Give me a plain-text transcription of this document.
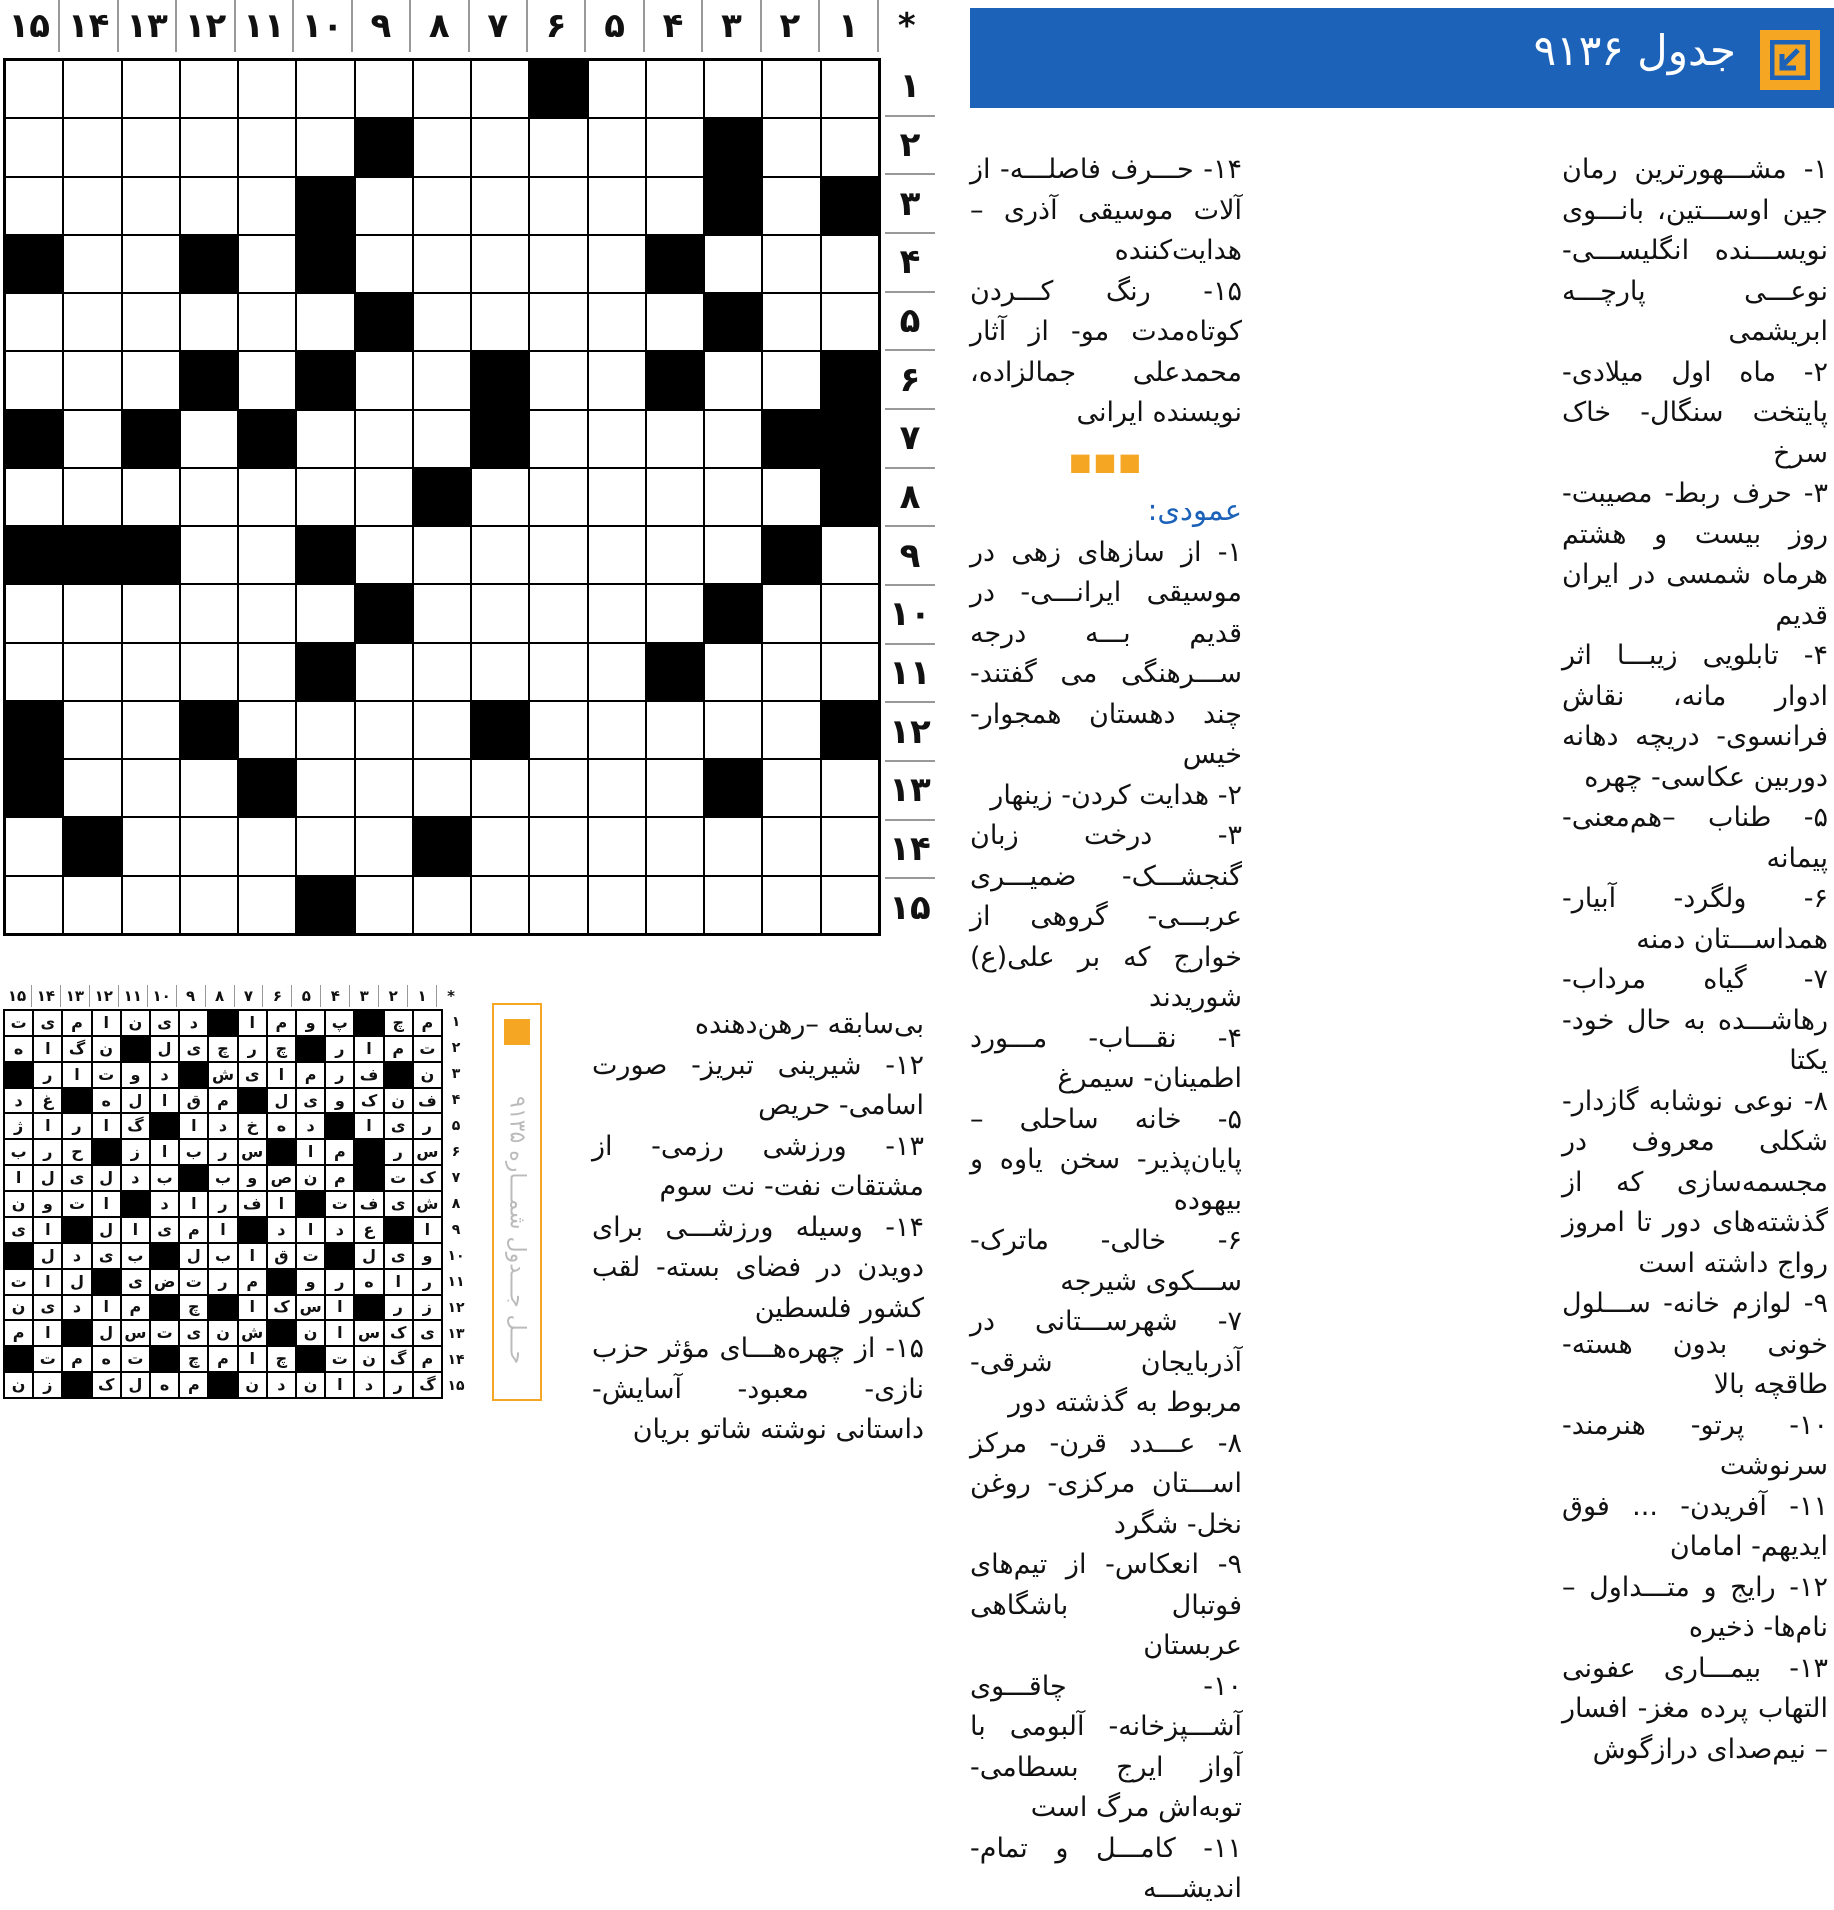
*
۱
۲
۳
۴
۵
۶
۷
۸
۹
۱۰
۱۱
۱۲
۱۳
۱۴
۱۵
۱
۲
۳
۴
۵
۶
۷
۸
۹
۱۰
۱۱
۱۲
۱۳
۱۴
۱۵
جدول ۹۱۳۶

۱- مشـــهورترین رمان جین اوســـتین، بانـــوی نویســـنده انگلیســـی- نوعـــی پارچـــه ابریشمی

۲- ماه اول میلادی- پایتخت سنگال- خاک سرخ

۳- حرف ربط- مصیبت- روز بیست و هشتم هرماه شمسی در ایران قدیم

۴- تابلویی زیبـــا اثر ادوار مانه، نقاش فرانسوی- دریچه دهانه دوربین عکاسی- چهره

۵- طناب –هم‌معنی- پیمانه

۶- ولگرد- آبیار- همداســـتان دمنه

۷- گیاه مرداب- رهاشـــده به حال خود- یکتا

۸- نوعی نوشابه گازدار- شکلی معروف در مجسمه‌سازی که از گذشته‌های دور تا امروز رواج داشته است

۹- لوازم خانه- ســـلول خونی بدون هسته- طاقچه بالا

۱۰- پرتو- هنرمند- سرنوشت

۱۱- آفریدن- ... فوق ایدیهم- امامان

۱۲- رایج و متـــداول –نام‌ها- ذخیره

۱۳- بیمـــاری عفونی التهاب پرده مغز- افسار – نیم‌صدای درازگوش

۱۴- حـــرف فاصلـــه- از آلات موسیقی آذری –هدایت‌کننده

۱۵- رنگ کـــردن کوتاه‌مدت مو- از آثار محمدعلی جمالزاده، نویسنده ایرانی

■■■
عمودی:

۱- از سازهای زهی در موسیقی ایرانـــی- در قدیم بـــه درجه ســـرهنگی می گفتند- چند دهستان همجوار- خیس

۲- هدایت کردن- زینهار

۳- درخت زبان گنجشـــک- ضمیـــری عربـــی- گروهی از خوارج که بر علی(ع) شوریدند

۴- نقـــاب- مـــورد اطمینان- سیمرغ

۵- خانه ساحلی – پایان‌پذیر- سخن یاوه و بیهوده

۶- خالی- ماترک- ســـکوی شیرجه

۷- شهرســـتانی در آذربایجان شرقی- مربوط به گذشته دور

۸- عـــدد قرن- مرکز اســـتان مرکزی- روغن نخل- شگرد

۹- انعکاس- از تیم‌های فوتبال باشگاهی عربستان

۱۰- چاقـــوی آشـــپزخانه- آلبومی با آواز ایرج بسطامی- توبه‌اش مرگ است

۱۱- کامـــل و تمام- اندیشـــه

بی‌سابقه –رهن‌دهنده

۱۲- شیرینی تبریز- صورت اسامی- حریص

۱۳- ورزشی رزمی- از مشتقات نفت- نت سوم

۱۴- وسیله ورزشـــی برای دویدن در فضای بسته- لقب کشور فلسطین

۱۵- از چهره‌هـــای مؤثر حزب نازی- معبود- آسایش- داستانی نوشته شاتو بریان

حـــل جـــدول شمـــاره ۹۱۳۵
*
۱
۲
۳
۴
۵
۶
۷
۸
۹
۱۰
۱۱
۱۲
۱۳
۱۴
۱۵
م
چ
پ
و
م
ا
د
ی
ن
ا
م
ی
ت
ت
م
ا
ر
چ
ر
چ
ی
ل
ن
گ
ا
ه
ن
ف
ر
م
ا
ی
ش
د
و
ت
ا
ر
ف
ن
ک
و
ی
ل
م
ق
ا
ل
ه
غ
د
ر
ی
ا
د
ه
خ
د
ا
گ
ا
ر
ا
ژ
س
ر
م
ا
س
ر
ب
ا
ز
ح
ر
ب
ک
ت
م
ن
ص
و
ب
ب
د
ل
ی
ل
ا
ش
ی
ف
ت
ا
ف
ر
ا
د
ا
ت
و
ن
ا
ع
د
ا
د
ا
م
ی
ا
ل
ا
ی
و
ی
ل
ت
ق
ا
ب
ل
ب
ی
د
ل
ر
ا
ه
ر
و
م
ر
ت
ض
ی
ل
ا
ت
ز
ر
ا
س
ک
ا
چ
م
ا
د
ی
ن
ی
ک
س
ا
ن
ش
ن
ی
ت
س
ل
ا
م
م
گ
ن
ت
چ
ا
م
چ
ت
ه
م
ت
گ
ر
د
ا
ن
د
ن
م
ه
ل
ک
ز
ن
۱
۲
۳
۴
۵
۶
۷
۸
۹
۱۰
۱۱
۱۲
۱۳
۱۴
۱۵
